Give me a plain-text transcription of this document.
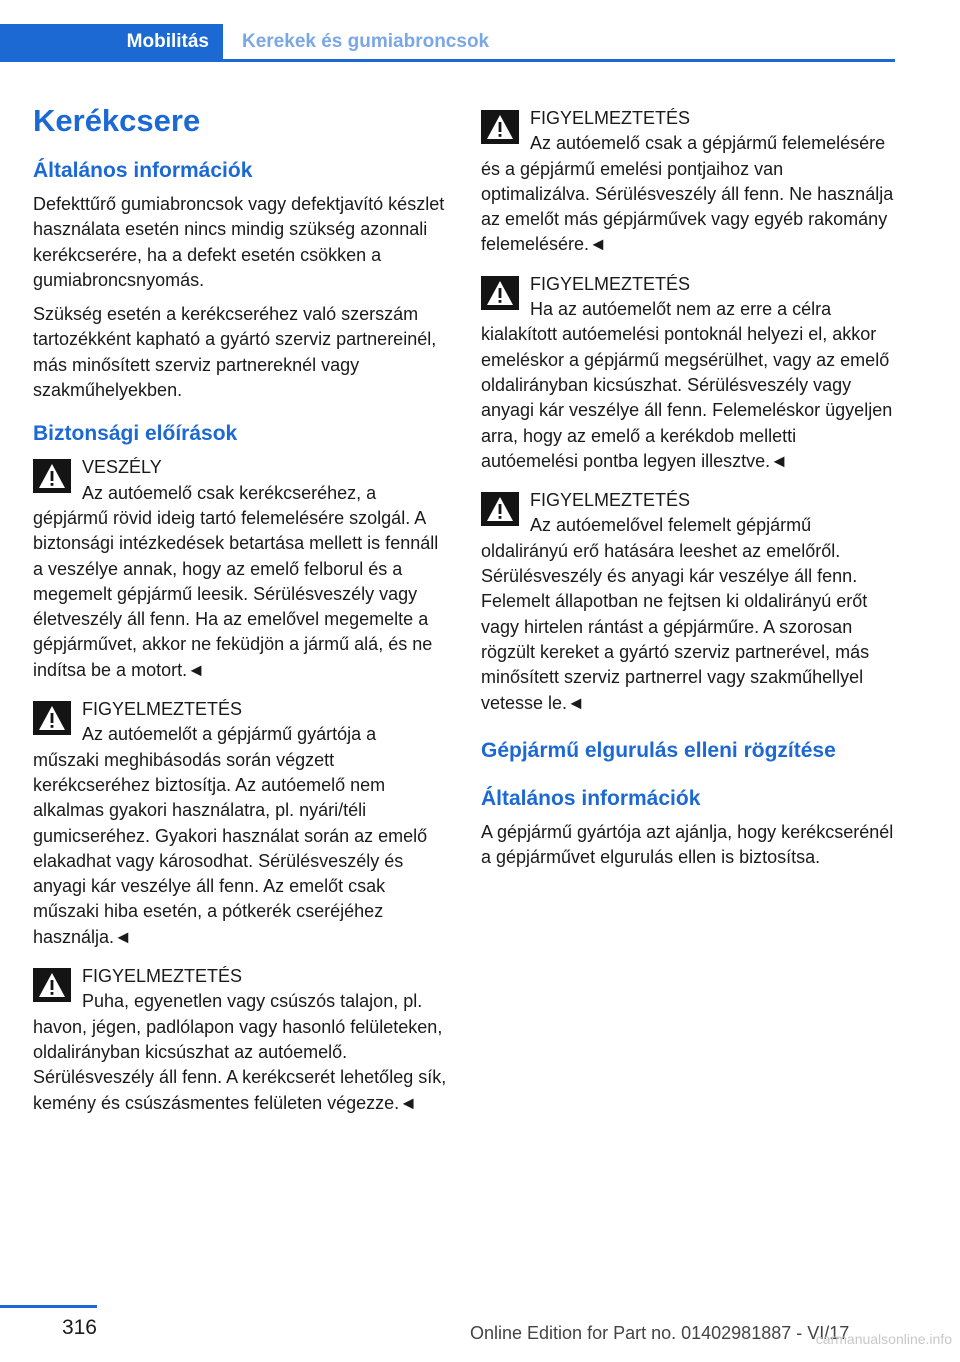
Mobilitás	Kerekek és gumiabroncsok
Kerékcsere
Általános információk

Defekttűrő gumiabroncsok vagy defektjavító készlet használata esetén nincs mindig szükség azonnali kerékcserére, ha a defekt esetén csökken a gumiabroncsnyomás.

Szükség esetén a kerékcseréhez való szerszám tartozékként kapható a gyártó szerviz partnereinél, más minősített szerviz partnereknél vagy szakműhelyekben.

Biztonsági előírások
VESZÉLY
Az autóemelő csak kerékcseréhez, a gépjármű rövid ideig tartó felemelésére szolgál. A biztonsági intézkedések betartása mellett is fennáll a veszélye annak, hogy az emelő felborul és a megemelt gépjármű leesik. Sérülésveszély vagy életveszély áll fenn. Ha az emelővel megemelte a gépjárművet, akkor ne feküdjön a jármű alá, és ne indítsa be a motort.◄
FIGYELMEZTETÉS
Az autóemelőt a gépjármű gyártója a műszaki meghibásodás során végzett kerékcseréhez biztosítja. Az autóemelő nem alkalmas gyakori használatra, pl. nyári/téli gumicseréhez. Gyakori használat során az emelő elakadhat vagy károsodhat. Sérülésveszély és anyagi kár veszélye áll fenn. Az emelőt csak műszaki hiba esetén, a pótkerék cseréjéhez használja.◄
FIGYELMEZTETÉS
Puha, egyenetlen vagy csúszós talajon, pl. havon, jégen, padlólapon vagy hasonló felületeken, oldalirányban kicsúszhat az autóemelő. Sérülésveszély áll fenn. A kerékcserét lehetőleg sík, kemény és csúszásmentes felületen végezze.◄
FIGYELMEZTETÉS
Az autóemelő csak a gépjármű felemelésére és a gépjármű emelési pontjaihoz van optimalizálva. Sérülésveszély áll fenn. Ne használja az emelőt más gépjárművek vagy egyéb rakomány felemelésére.◄
FIGYELMEZTETÉS
Ha az autóemelőt nem az erre a célra kialakított autóemelési pontoknál helyezi el, akkor emeléskor a gépjármű megsérülhet, vagy az emelő oldalirányban kicsúszhat. Sérülésveszély vagy anyagi kár veszélye áll fenn. Felemeléskor ügyeljen arra, hogy az emelő a kerékdob melletti autóemelési pontba legyen illesztve.◄
FIGYELMEZTETÉS
Az autóemelővel felemelt gépjármű oldalirányú erő hatására leeshet az emelőről. Sérülésveszély és anyagi kár veszélye áll fenn. Felemelt állapotban ne fejtsen ki oldalirányú erőt vagy hirtelen rántást a gépjárműre. A szorosan rögzült kereket a gyártó szerviz partnerével, más minősített szerviz partnerrel vagy szakműhellyel vetesse le.◄
Gépjármű elgurulás elleni rögzítése
Általános információk

A gépjármű gyártója azt ajánlja, hogy kerékcserénél a gépjárművet elgurulás ellen is biztosítsa.

316	Online Edition for Part no. 01402981887 - VI/17
carmanualsonline.info
